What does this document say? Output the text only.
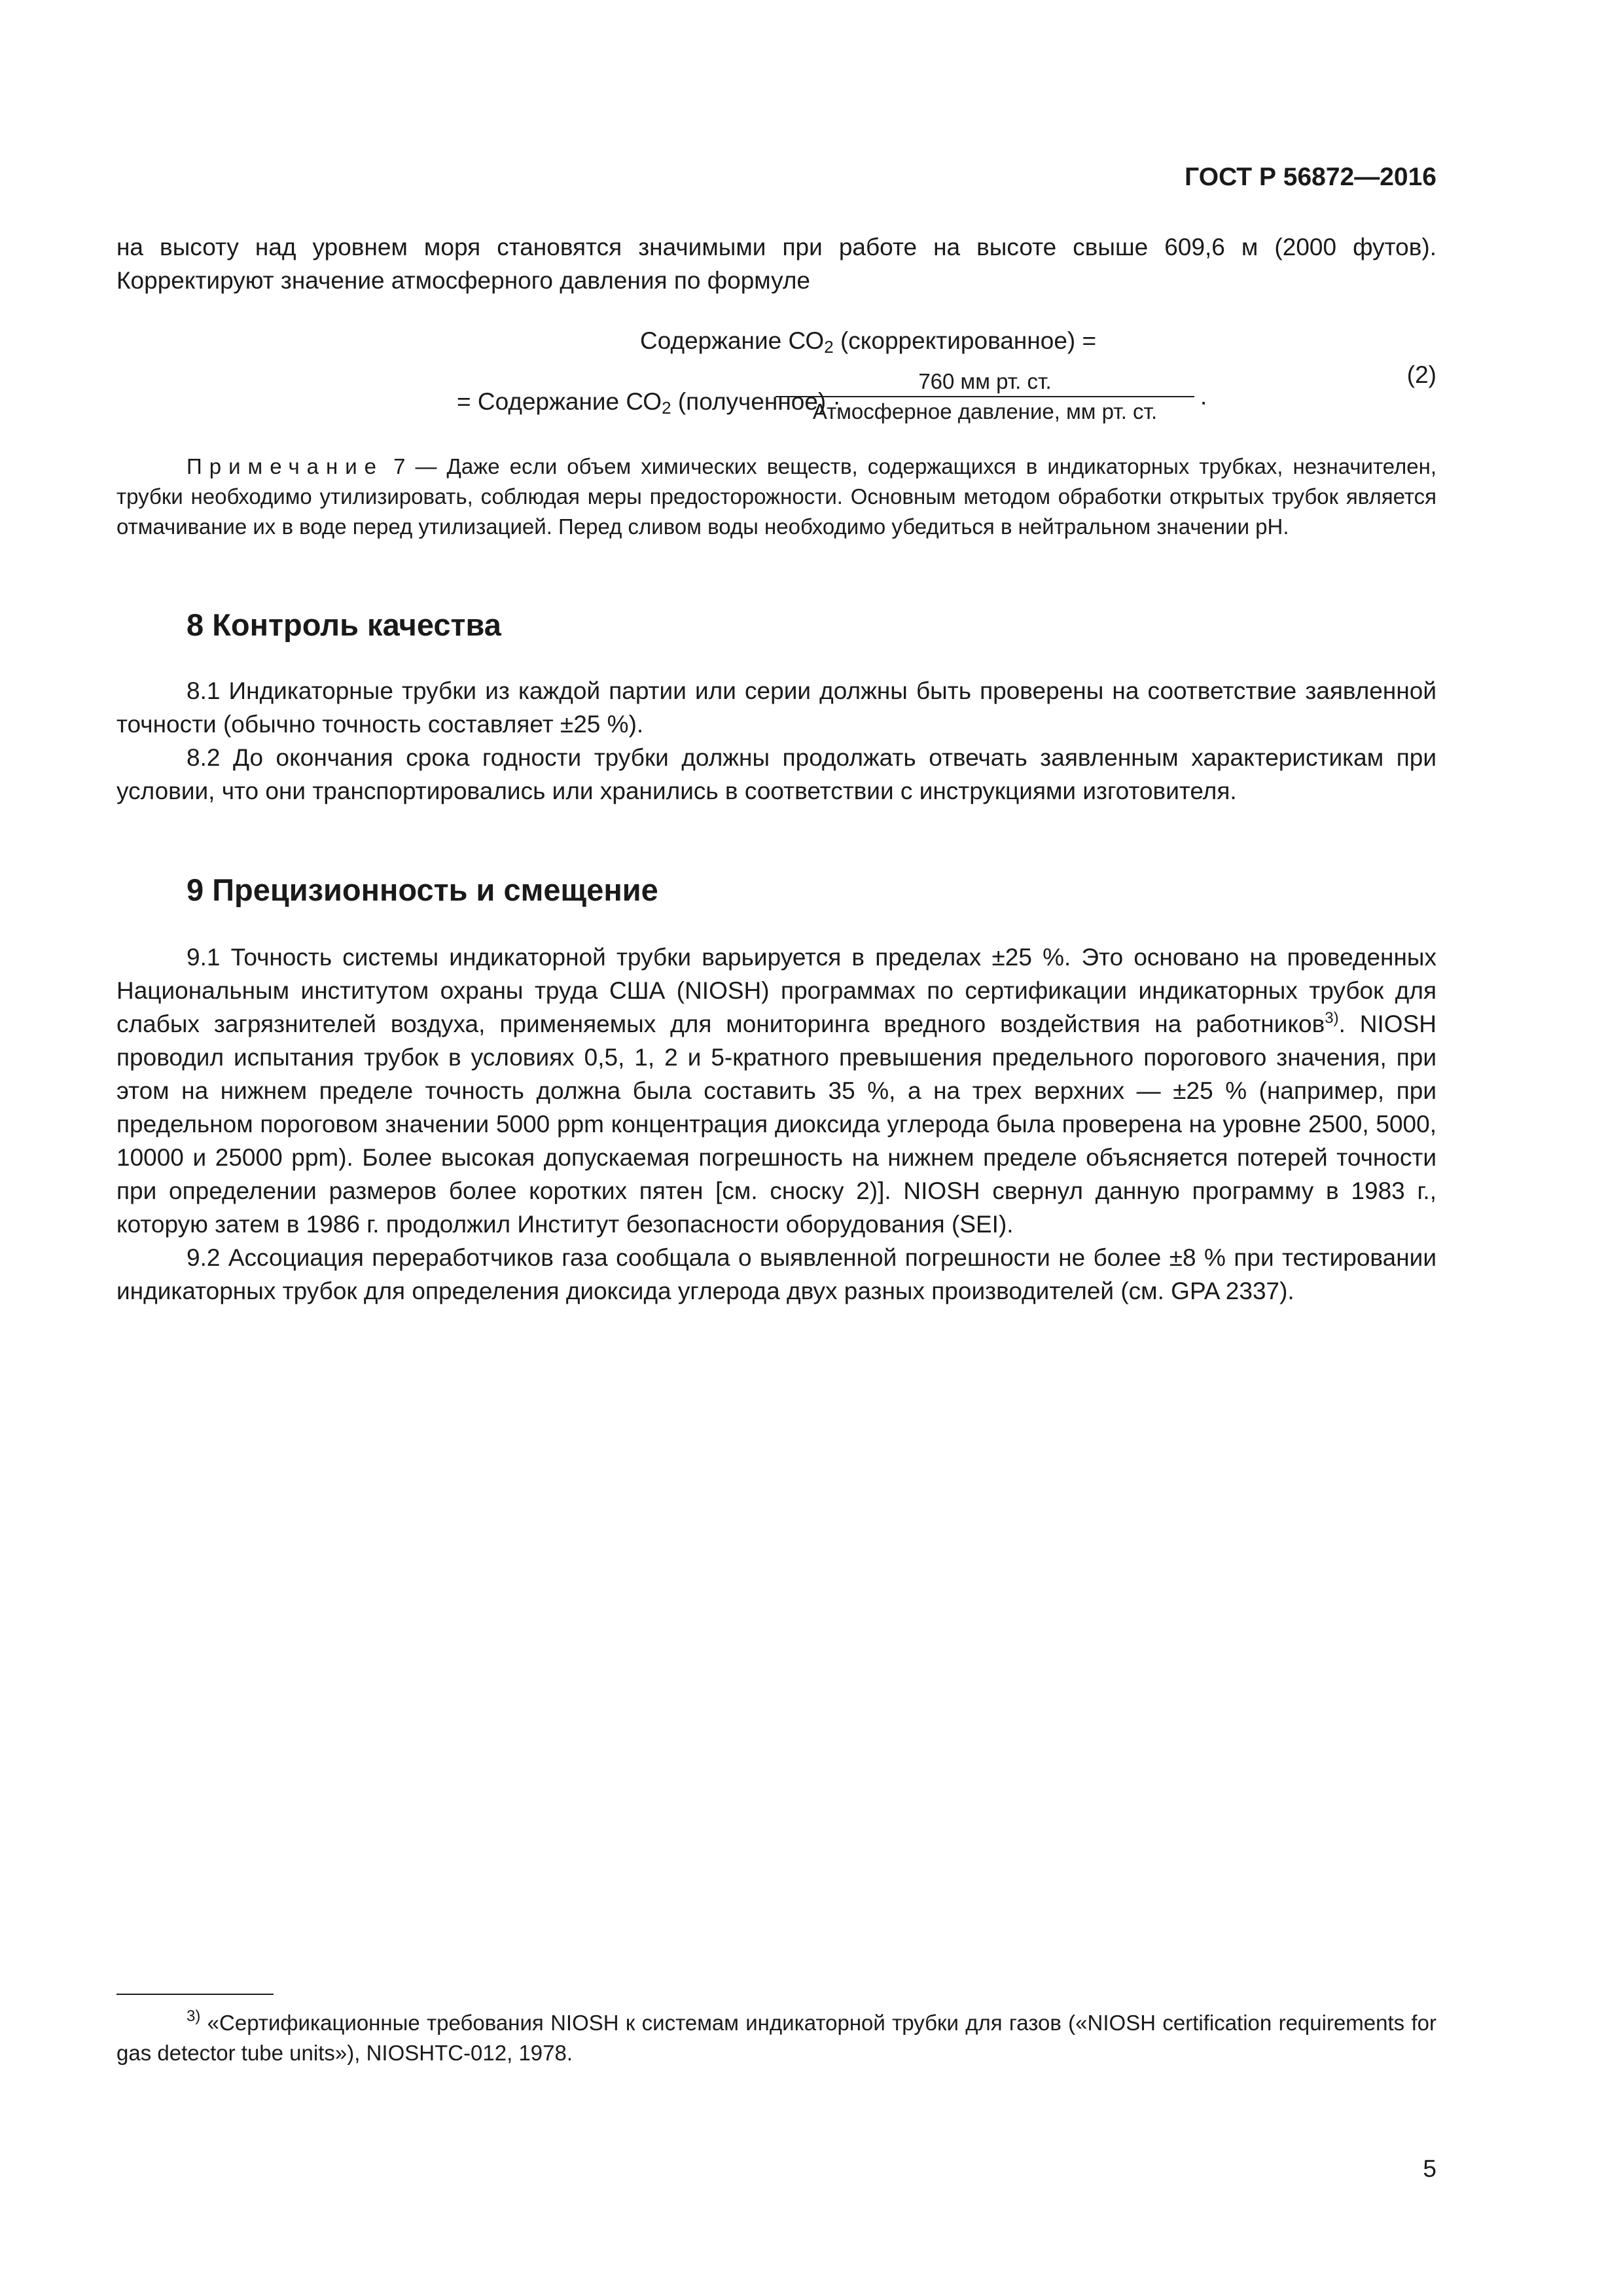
ГОСТ Р 56872—2016

на высоту над уровнем моря становятся значимыми при работе на высоте свыше 609,6 м (2000 футов). Корректируют значение атмосферного давления по формуле

Содержание $СО_2$ (скорректированное) =
= Содержание $СО_2$ (полученное) ·
760 мм рт. ст.
Атмосферное давление, мм рт. ст.	·
(2)

Примечание 7 — Даже если объем химических веществ, содержащихся в индикаторных трубках, незначителен, трубки необходимо утилизировать, соблюдая меры предосторожности. Основным методом обработки открытых трубок является отмачивание их в воде перед утилизацией. Перед сливом воды необходимо убедиться в нейтральном значении pH.

8 Контроль качества

8.1 Индикаторные трубки из каждой партии или серии должны быть проверены на соответствие заявленной точности (обычно точность составляет ±25 %).

8.2 До окончания срока годности трубки должны продолжать отвечать заявленным характеристикам при условии, что они транспортировались или хранились в соответствии с инструкциями изготовителя.

9 Прецизионность и смещение

9.1 Точность системы индикаторной трубки варьируется в пределах ±25 %. Это основано на проведенных Национальным институтом охраны труда США (NIOSH) программах по сертификации индикаторных трубок для слабых загрязнителей воздуха, применяемых для мониторинга вредного воздействия на работников$^{3)}$. NIOSH проводил испытания трубок в условиях 0,5, 1, 2 и 5-кратного превышения предельного порогового значения, при этом на нижнем пределе точность должна была составить 35 %, а на трех верхних — ±25 % (например, при предельном пороговом значении 5000 ppm концентрация диоксида углерода была проверена на уровне 2500, 5000, 10000 и 25000 ppm). Более высокая допускаемая погрешность на нижнем пределе объясняется потерей точности при определении размеров более коротких пятен [см. сноску 2)]. NIOSH свернул данную программу в 1983 г., которую затем в 1986 г. продолжил Институт безопасности оборудования (SEI).

9.2 Ассоциация переработчиков газа сообщала о выявленной погрешности не более ±8 % при тестировании индикаторных трубок для определения диоксида углерода двух разных производителей (см. GPA 2337).

$^{3)}$ «Сертификационные требования NIOSH к системам индикаторной трубки для газов («NIOSH certification requirements for gas detector tube units»), NIOSHTC-012, 1978.

5
